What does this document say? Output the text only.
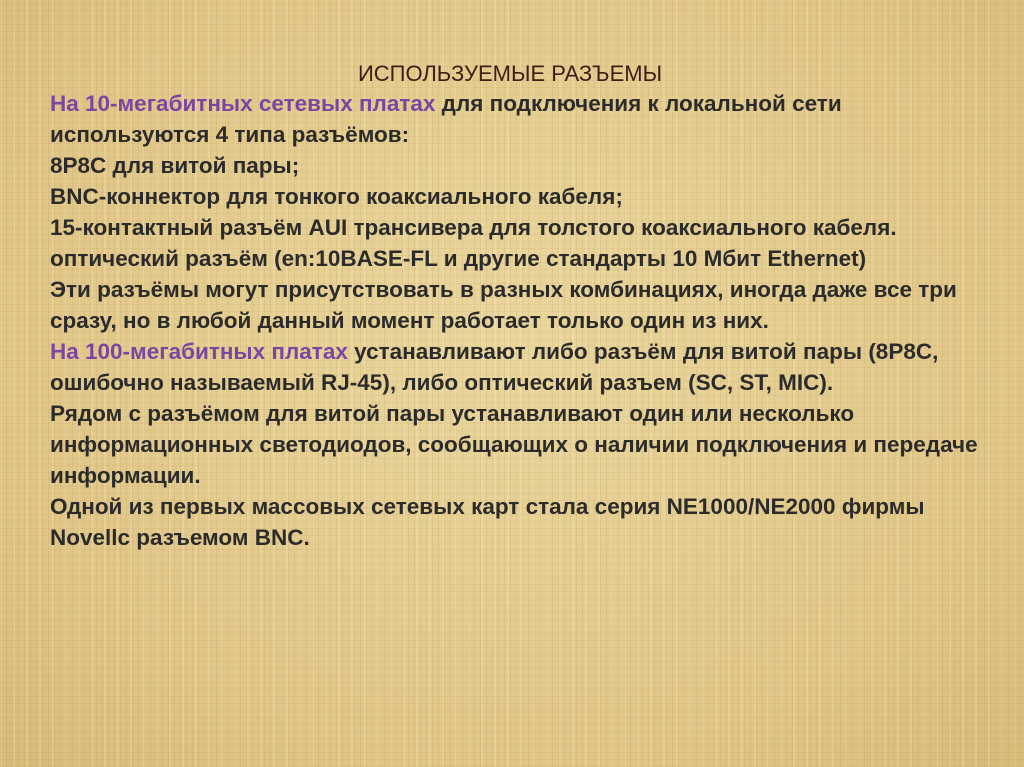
ИСПОЛЬЗУЕМЫЕ РАЗЪЕМЫ

На 10-мегабитных сетевых платах для подключения к локальной сети используются 4 типа разъёмов:

8P8C для витой пары;

BNC-коннектор для тонкого коаксиального кабеля;

15-контактный разъём AUI трансивера для толстого коаксиального кабеля.

оптический разъём (en:10BASE-FL и другие стандарты 10 Мбит Ethernet)

Эти разъёмы могут присутствовать в разных комбинациях, иногда даже все три сразу, но в любой данный момент работает только один из них.

На 100-мегабитных платах устанавливают либо разъём для витой пары (8P8C, ошибочно называемый RJ-45), либо оптический разъем (SC, ST, MIC).

Рядом с разъёмом для витой пары устанавливают один или несколько информационных светодиодов, сообщающих о наличии подключения и передаче информации.

Одной из первых массовых сетевых карт стала серия NE1000/NE2000 фирмы Novellс разъемом BNC.
